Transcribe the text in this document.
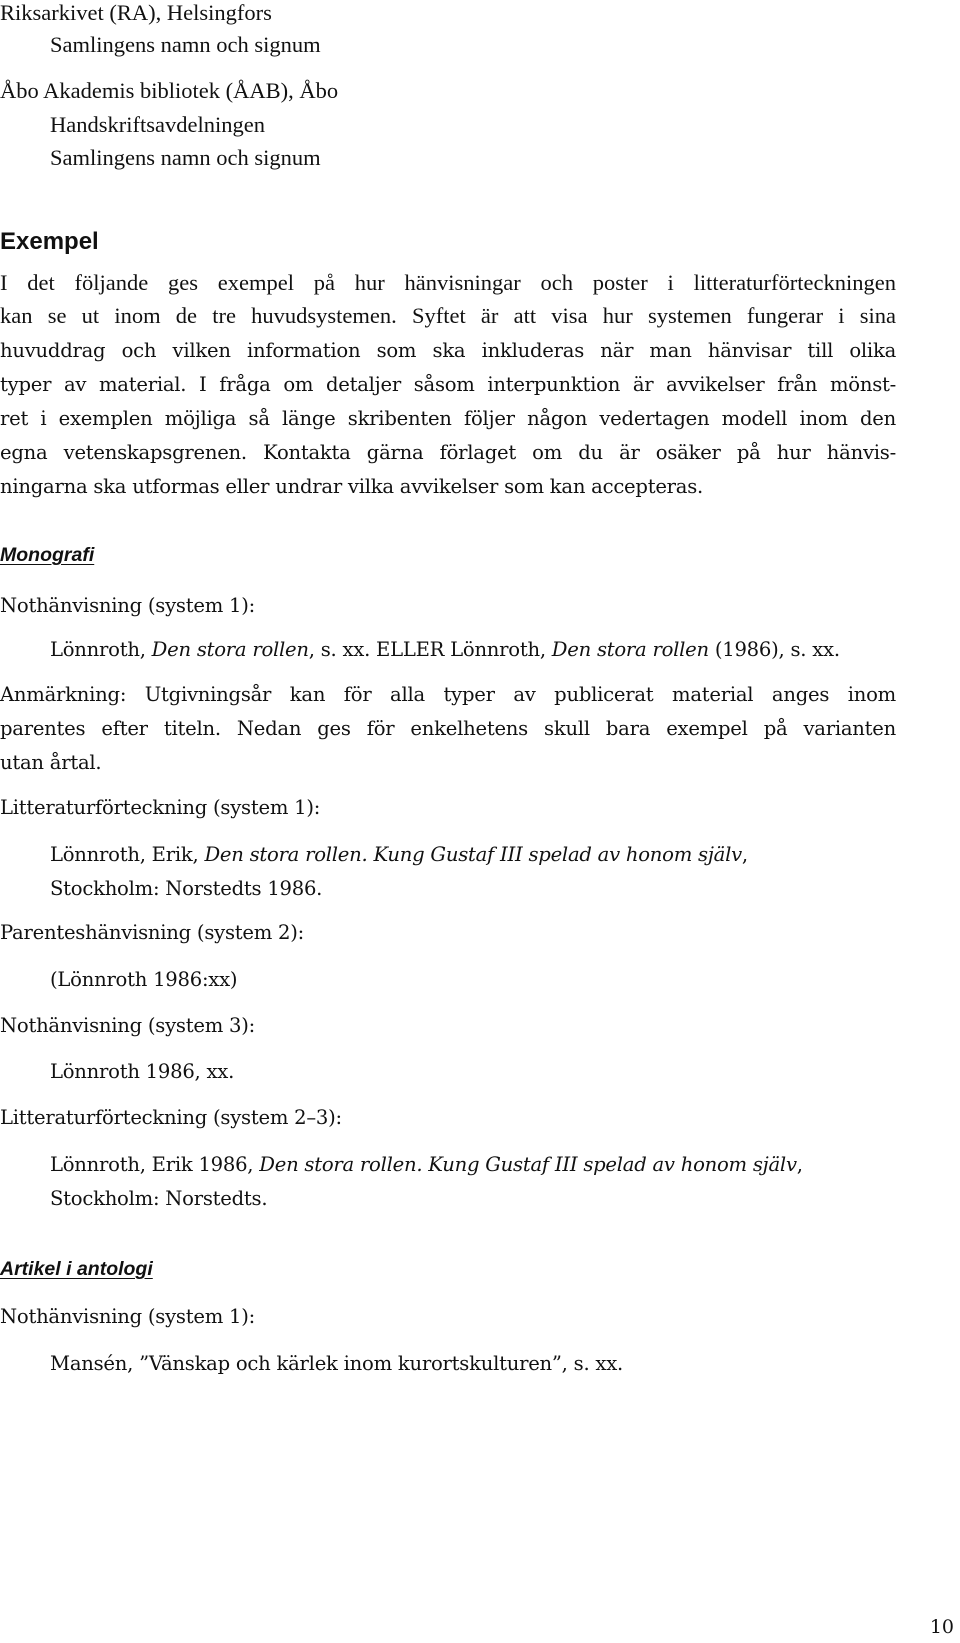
Riksarkivet (RA), Helsingfors

Samlingens namn och signum

Åbo Akademis bibliotek (ÅAB), Åbo

Handskriftsavdelningen

Samlingens namn och signum

Exempel

I det följande ges exempel på hur hänvisningar och poster i litteraturförteckningen

kan se ut inom de tre huvudsystemen. Syftet är att visa hur systemen fungerar i sina

huvuddrag och vilken information som ska inkluderas när man hänvisar till olika

typer av material. I fråga om detaljer såsom interpunktion är avvikelser från mönst-

ret i exemplen möjliga så länge skribenten följer någon vedertagen modell inom den

egna vetenskapsgrenen. Kontakta gärna förlaget om du är osäker på hur hänvis-

ningarna ska utformas eller undrar vilka avvikelser som kan accepteras.

Monografi

Nothänvisning (system 1):

Lönnroth, Den stora rollen, s. xx. ELLER Lönnroth, Den stora rollen (1986), s. xx.

Anmärkning: Utgivningsår kan för alla typer av publicerat material anges inom

parentes efter titeln. Nedan ges för enkelhetens skull bara exempel på varianten

utan årtal.

Litteraturförteckning (system 1):

Lönnroth, Erik, Den stora rollen. Kung Gustaf III spelad av honom själv,

Stockholm: Norstedts 1986.

Parenteshänvisning (system 2):

(Lönnroth 1986:xx)

Nothänvisning (system 3):

Lönnroth 1986, xx.

Litteraturförteckning (system 2–3):

Lönnroth, Erik 1986, Den stora rollen. Kung Gustaf III spelad av honom själv,

Stockholm: Norstedts.

Artikel i antologi

Nothänvisning (system 1):

Mansén, ”Vänskap och kärlek inom kurortskulturen”, s. xx.

10
